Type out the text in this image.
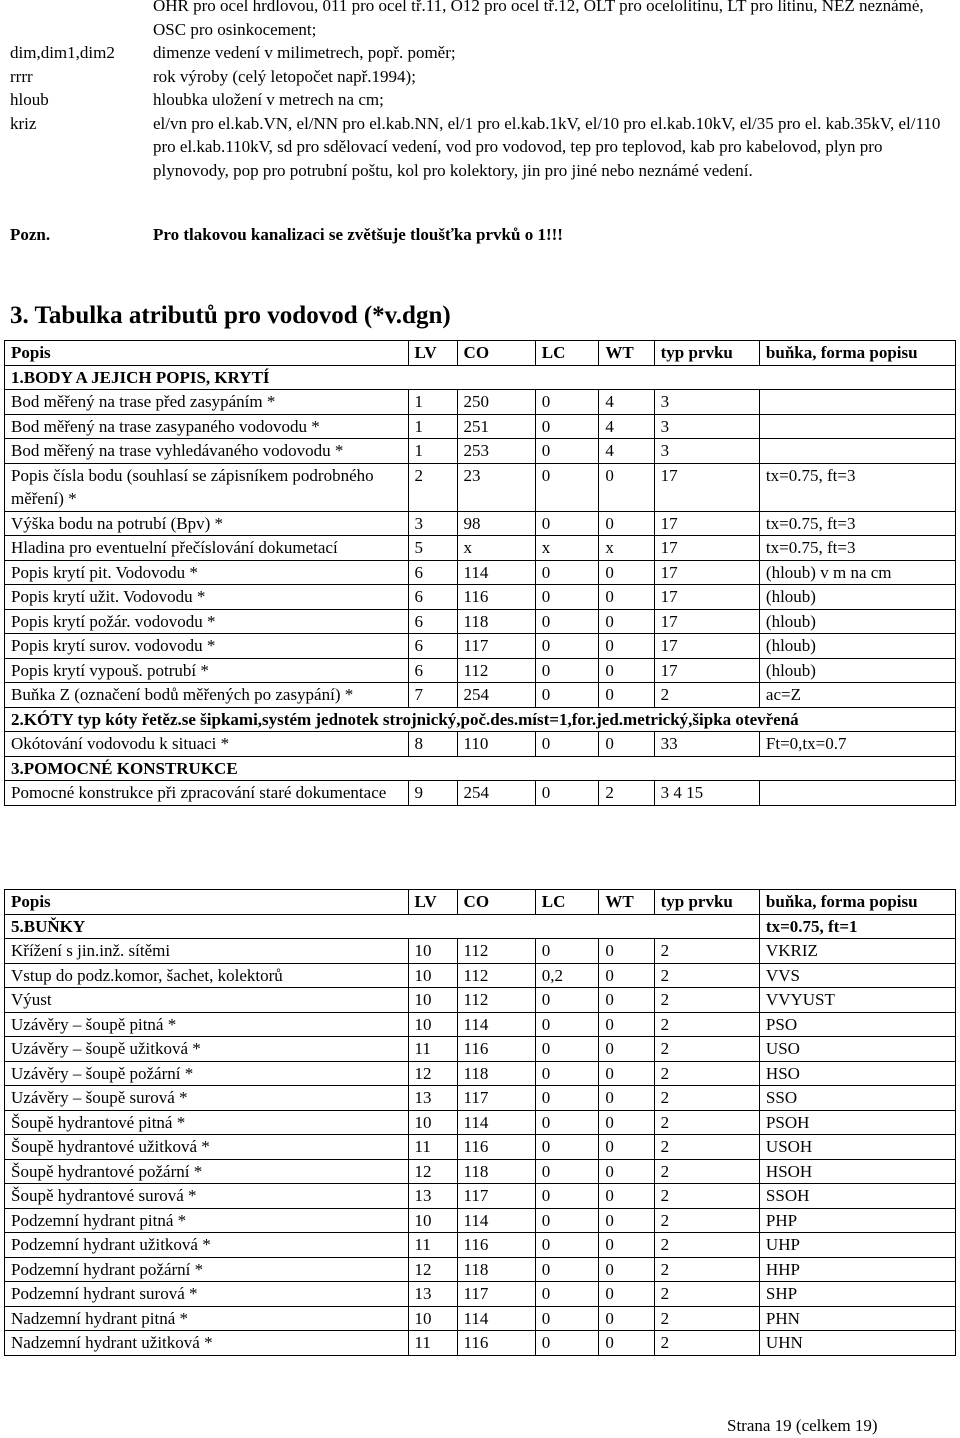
OHR pro ocel hrdlovou, 011 pro ocel tř.11, O12 pro ocel tř.12, OLT pro ocelolitinu, LT pro litinu, NEZ neznámé, OSC pro osinkocement;
dim,dim1,dim2 dimenze vedení v milimetrech, popř. poměr;
rrrr	rok výroby (celý letopočet např.1994);
hloub	hloubka uložení v metrech na cm;
kriz	el/vn pro el.kab.VN, el/NN pro el.kab.NN, el/1 pro el.kab.1kV, el/10 pro el.kab.10kV, el/35 pro el. kab.35kV, el/110 pro el.kab.110kV, sd pro sdělovací vedení, vod pro vodovod, tep pro teplovod, kab pro kabelovod, plyn pro plynovody, pop pro potrubní poštu, kol pro kolektory, jin pro jiné nebo neznámé vedení.
Pozn.	Pro tlakovou kanalizaci se zvětšuje tloušťka prvků o 1!!!
3. Tabulka atributů pro vodovod (*v.dgn)
Popis	LV	CO	LC	WT	typ prvku	buňka, forma popisu
1.BODY A JEJICH POPIS, KRYTÍ						
Bod měřený na trase před zasypáním *	1	250	0	4	3	
Bod měřený na trase zasypaného vodovodu *	1	251	0	4	3	
Bod měřený na trase vyhledávaného vodovodu *	1	253	0	4	3	
Popis čísla bodu (souhlasí se zápisníkem podrobného měření) *	2	23	0	0	17	tx=0.75, ft=3
Výška bodu na potrubí (Bpv) *	3	98	0	0	17	tx=0.75, ft=3
Hladina pro eventuelní přečíslování dokumetací	5	x	x	x	17	tx=0.75, ft=3
Popis krytí pit. Vodovodu *	6	114	0	0	17	(hloub) v m na cm
Popis krytí užit. Vodovodu *	6	116	0	0	17	(hloub)
Popis krytí požár. vodovodu *	6	118	0	0	17	(hloub)
Popis krytí surov. vodovodu *	6	117	0	0	17	(hloub)
Popis krytí vypouš. potrubí *	6	112	0	0	17	(hloub)
Buňka Z (označení bodů měřených po zasypání) *	7	254	0	0	2	ac=Z
2.KÓTY typ kóty řetěz.se šipkami,systém jednotek strojnický,poč.des.míst=1,for.jed.metrický,šipka otevřená						
Okótování vodovodu k situaci *	8	110	0	0	33	Ft=0,tx=0.7
3.POMOCNÉ KONSTRUKCE						
Pomocné konstrukce při zpracování staré dokumentace	9	254	0	2	3 4 15	
Popis	LV	CO	LC	WT	typ prvku	buňka, forma popisu
5.BUŇKY						tx=0.75, ft=1
Křížení s jin.inž. sítěmi	10	112	0	0	2	VKRIZ
Vstup do podz.komor, šachet, kolektorů	10	112	0,2	0	2	VVS
Výust	10	112	0	0	2	VVYUST
Uzávěry – šoupě pitná *	10	114	0	0	2	PSO
Uzávěry – šoupě užitková *	11	116	0	0	2	USO
Uzávěry – šoupě požární *	12	118	0	0	2	HSO
Uzávěry – šoupě surová *	13	117	0	0	2	SSO
Šoupě hydrantové pitná *	10	114	0	0	2	PSOH
Šoupě hydrantové užitková *	11	116	0	0	2	USOH
Šoupě hydrantové požární *	12	118	0	0	2	HSOH
Šoupě hydrantové surová *	13	117	0	0	2	SSOH
Podzemní hydrant pitná *	10	114	0	0	2	PHP
Podzemní hydrant užitková *	11	116	0	0	2	UHP
Podzemní hydrant požární *	12	118	0	0	2	HHP
Podzemní hydrant surová *	13	117	0	0	2	SHP
Nadzemní hydrant pitná *	10	114	0	0	2	PHN
Nadzemní hydrant užitková *	11	116	0	0	2	UHN
Strana 19 (celkem 19)
